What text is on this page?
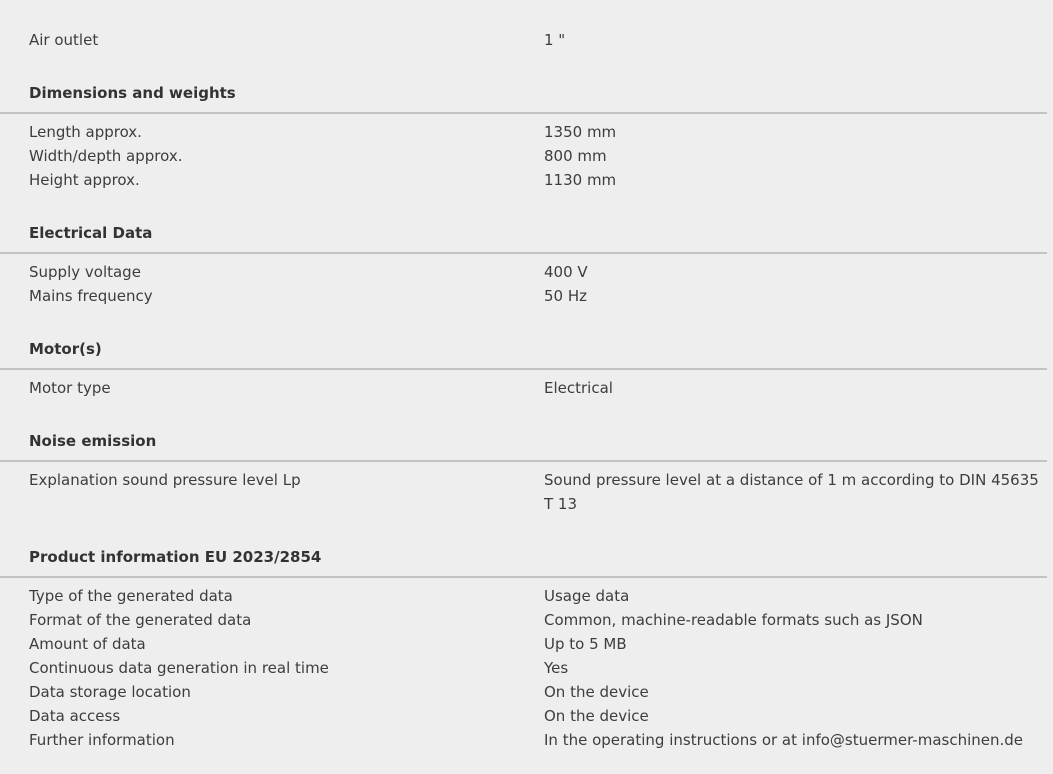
Air outlet	1 "
Dimensions and weights
Length approx.	1350 mm
Width/depth approx.	800 mm
Height approx.	1130 mm
Electrical Data
Supply voltage	400 V
Mains frequency	50 Hz
Motor(s)
Motor type	Electrical
Noise emission
Explanation sound pressure level Lp	Sound pressure level at a distance of 1 m according to DIN 45635 T 13
Product information EU 2023/2854
Type of the generated data	Usage data
Format of the generated data	Common, machine-readable formats such as JSON
Amount of data	Up to 5 MB
Continuous data generation in real time	Yes
Data storage location	On the device
Data access	On the device
Further information	In the operating instructions or at info@stuermer-maschinen.de
